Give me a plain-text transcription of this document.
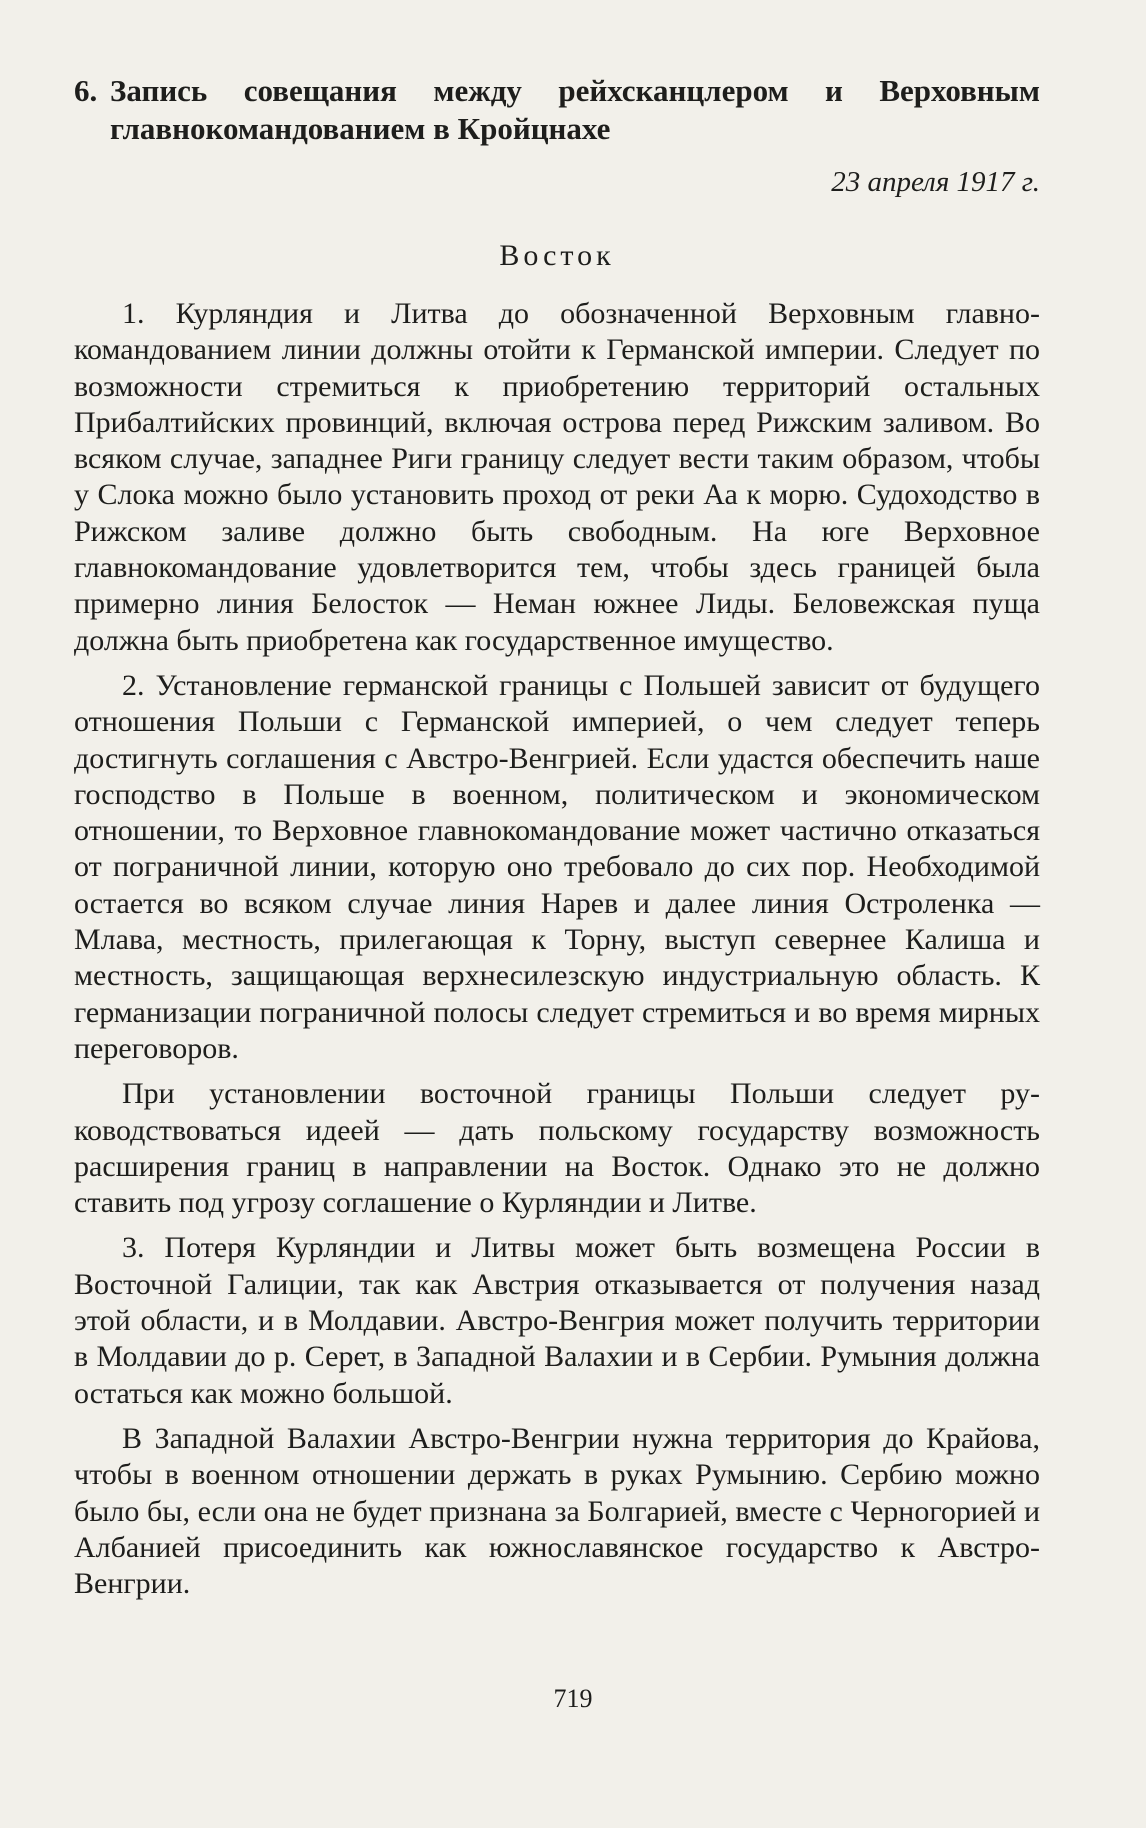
6. Запись совещания между рейхсканцлером и Верховным главнокомандованием в Кройцнахе
23 апреля 1917 г.
Восток

1. Курляндия и Литва до обозначенной Верховным главнокомандованием линии должны отойти к Германской империи. Следует по возможности стремиться к приобретению территорий остальных Прибалтийских провинций, включая острова перед Рижским заливом. Во всяком случае, западнее Риги границу следует вести таким образом, чтобы у Слока можно было установить проход от реки Аа к морю. Судоходство в Рижском заливе должно быть свободным. На юге Верховное главнокомандование удовлетворится тем, чтобы здесь границей была примерно линия Белосток — Неман южнее Лиды. Беловежская пуща должна быть приобретена как государственное имущество.

2. Установление германской границы с Польшей зависит от будущего отношения Польши с Германской империей, о чем следует теперь достигнуть соглашения с Австро-Венгрией. Если удастся обеспечить наше господство в Польше в военном, политическом и экономическом отношении, то Верховное главнокомандование может частично отказаться от пограничной линии, которую оно требовало до сих пор. Необходимой остается во всяком случае линия Нарев и далее линия Остроленка — Млава, местность, прилегающая к Торну, выступ севернее Калиша и местность, защищающая верхнесилезскую индустриальную область. К германизации пограничной полосы следует стремиться и во время мирных переговоров.

При установлении восточной границы Польши следует руководствоваться идеей — дать польскому государству возможность расширения границ в направлении на Восток. Однако это не должно ставить под угрозу соглашение о Курляндии и Литве.

3. Потеря Курляндии и Литвы может быть возмещена России в Восточной Галиции, так как Австрия отказывается от получения назад этой области, и в Молдавии. Австро-Венгрия может получить территории в Молдавии до р. Серет, в Западной Валахии и в Сербии. Румыния должна остаться как можно большой.

В Западной Валахии Австро-Венгрии нужна территория до Крайова, чтобы в военном отношении держать в руках Румынию. Сербию можно было бы, если она не будет признана за Болгарией, вместе с Черногорией и Албанией присоединить как южнославянское государство к Австро-Венгрии.

719
